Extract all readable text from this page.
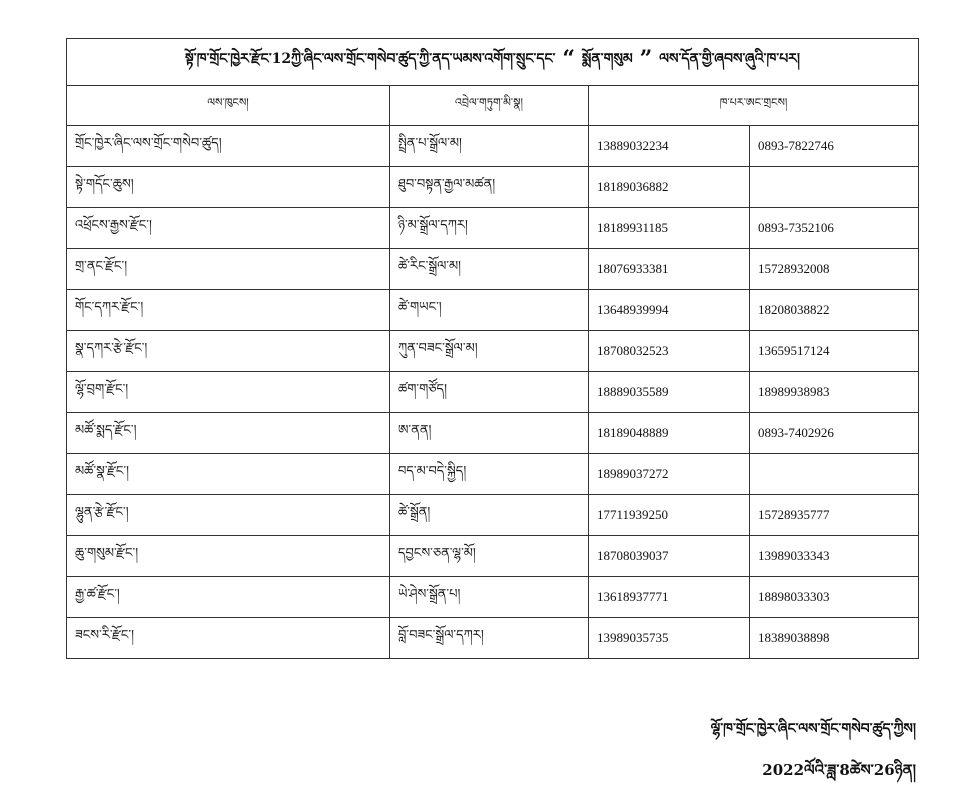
སྟོ་ཁ་གྲོང་ཁྱེར་རྫོང་12ཀྱི་ཞིང་ལས་གྲོང་གསེབ་ཚུད་ཀྱི་ནད་ཡམས་འགོག་སྲུང་དང་ “ སྨོན་གསུམ ” ལས་དོན་གྱི་ཞབས་ཞུའི་ཁ་པར།			
ལས་ཁུངས།	འབྲེལ་གཏུག་མི་སྣ།	ཁ་པར་ཨང་གྲངས།	
གྲོང་ཁྱེར་ཞིང་ལས་གྲོང་གསེབ་ཚུད།	སྤྲིན་པ་སྒྲོལ་མ།	13889032234	0893-7822746
སྟེ་གདོང་ཆུས།	ཐུབ་བསྟན་རྒྱལ་མཚན།	18189036882	
འཕྲོངས་རྒྱས་རྫོང་།	ཉི་མ་སྒྲོལ་དཀར།	18189931185	0893-7352106
གྲ་ནང་རྫོང་།	ཚེ་རིང་སྒྲོལ་མ།	18076933381	15728932008
གོང་དཀར་རྫོང་།	ཚེ་གཡང་།	13648939994	18208038822
སྣ་དཀར་རྩེ་རྫོང་།	ཀུན་བཟང་སྒྲོལ་མ།	18708032523	13659517124
ལྷོ་བྲག་རྫོང་།	ཚག་གཙོད།	18889035589	18989938983
མཚོ་སྨད་རྫོང་།	ཨ་ནན།	18189048889	0893-7402926
མཚོ་སྣ་རྫོང་།	བད་མ་བདེ་སྐྱིད།	18989037272	
ལྷུན་རྩེ་རྫོང་།	ཚེ་སྒྲོན།	17711939250	15728935777
ཆུ་གསུམ་རྫོང་།	དབྱངས་ཅན་ལྷ་མོ།	18708039037	13989033343
རྒྱ་ཚ་རྫོང་།	ཡེ་ཤེས་སྒྲོན་པ།	13618937771	18898033303
ཟངས་རི་རྫོང་།	བློ་བཟང་སྒྲོལ་དཀར།	13989035735	18389038898
ལྷོ་ཁ་གྲོང་ཁྱེར་ཞིང་ལས་གྲོང་གསེབ་ཚུད་ཀྱིས།
2022ལོའི་ཟླ་8ཚེས་26ཉིན།
